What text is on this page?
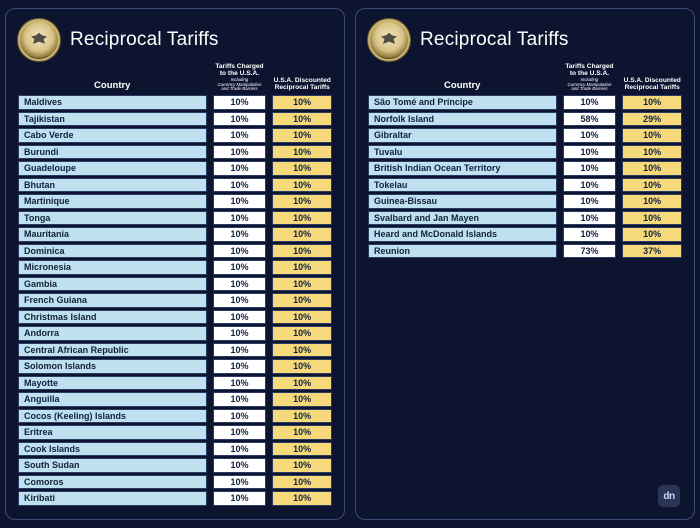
Reciprocal Tariffs
Country
Tariffs Charged
to the U.S.A.
Including
Currency Manipulation
and Trade Barriers
U.S.A. Discounted
Reciprocal Tariffs
Maldives	10%	10%
Tajikistan	10%	10%
Cabo Verde	10%	10%
Burundi	10%	10%
Guadeloupe	10%	10%
Bhutan	10%	10%
Martinique	10%	10%
Tonga	10%	10%
Mauritania	10%	10%
Dominica	10%	10%
Micronesia	10%	10%
Gambia	10%	10%
French Guiana	10%	10%
Christmas Island	10%	10%
Andorra	10%	10%
Central African Republic	10%	10%
Solomon Islands	10%	10%
Mayotte	10%	10%
Anguilla	10%	10%
Cocos (Keeling) Islands	10%	10%
Eritrea	10%	10%
Cook Islands	10%	10%
South Sudan	10%	10%
Comoros	10%	10%
Kiribati	10%	10%
Reciprocal Tariffs
Country
Tariffs Charged
to the U.S.A.
Including
Currency Manipulation
and Trade Barriers
U.S.A. Discounted
Reciprocal Tariffs
São Tomé and Príncipe	10%	10%
Norfolk Island	58%	29%
Gibraltar	10%	10%
Tuvalu	10%	10%
British Indian Ocean Territory	10%	10%
Tokelau	10%	10%
Guinea-Bissau	10%	10%
Svalbard and Jan Mayen	10%	10%
Heard and McDonald Islands	10%	10%
Reunion	73%	37%
dn
